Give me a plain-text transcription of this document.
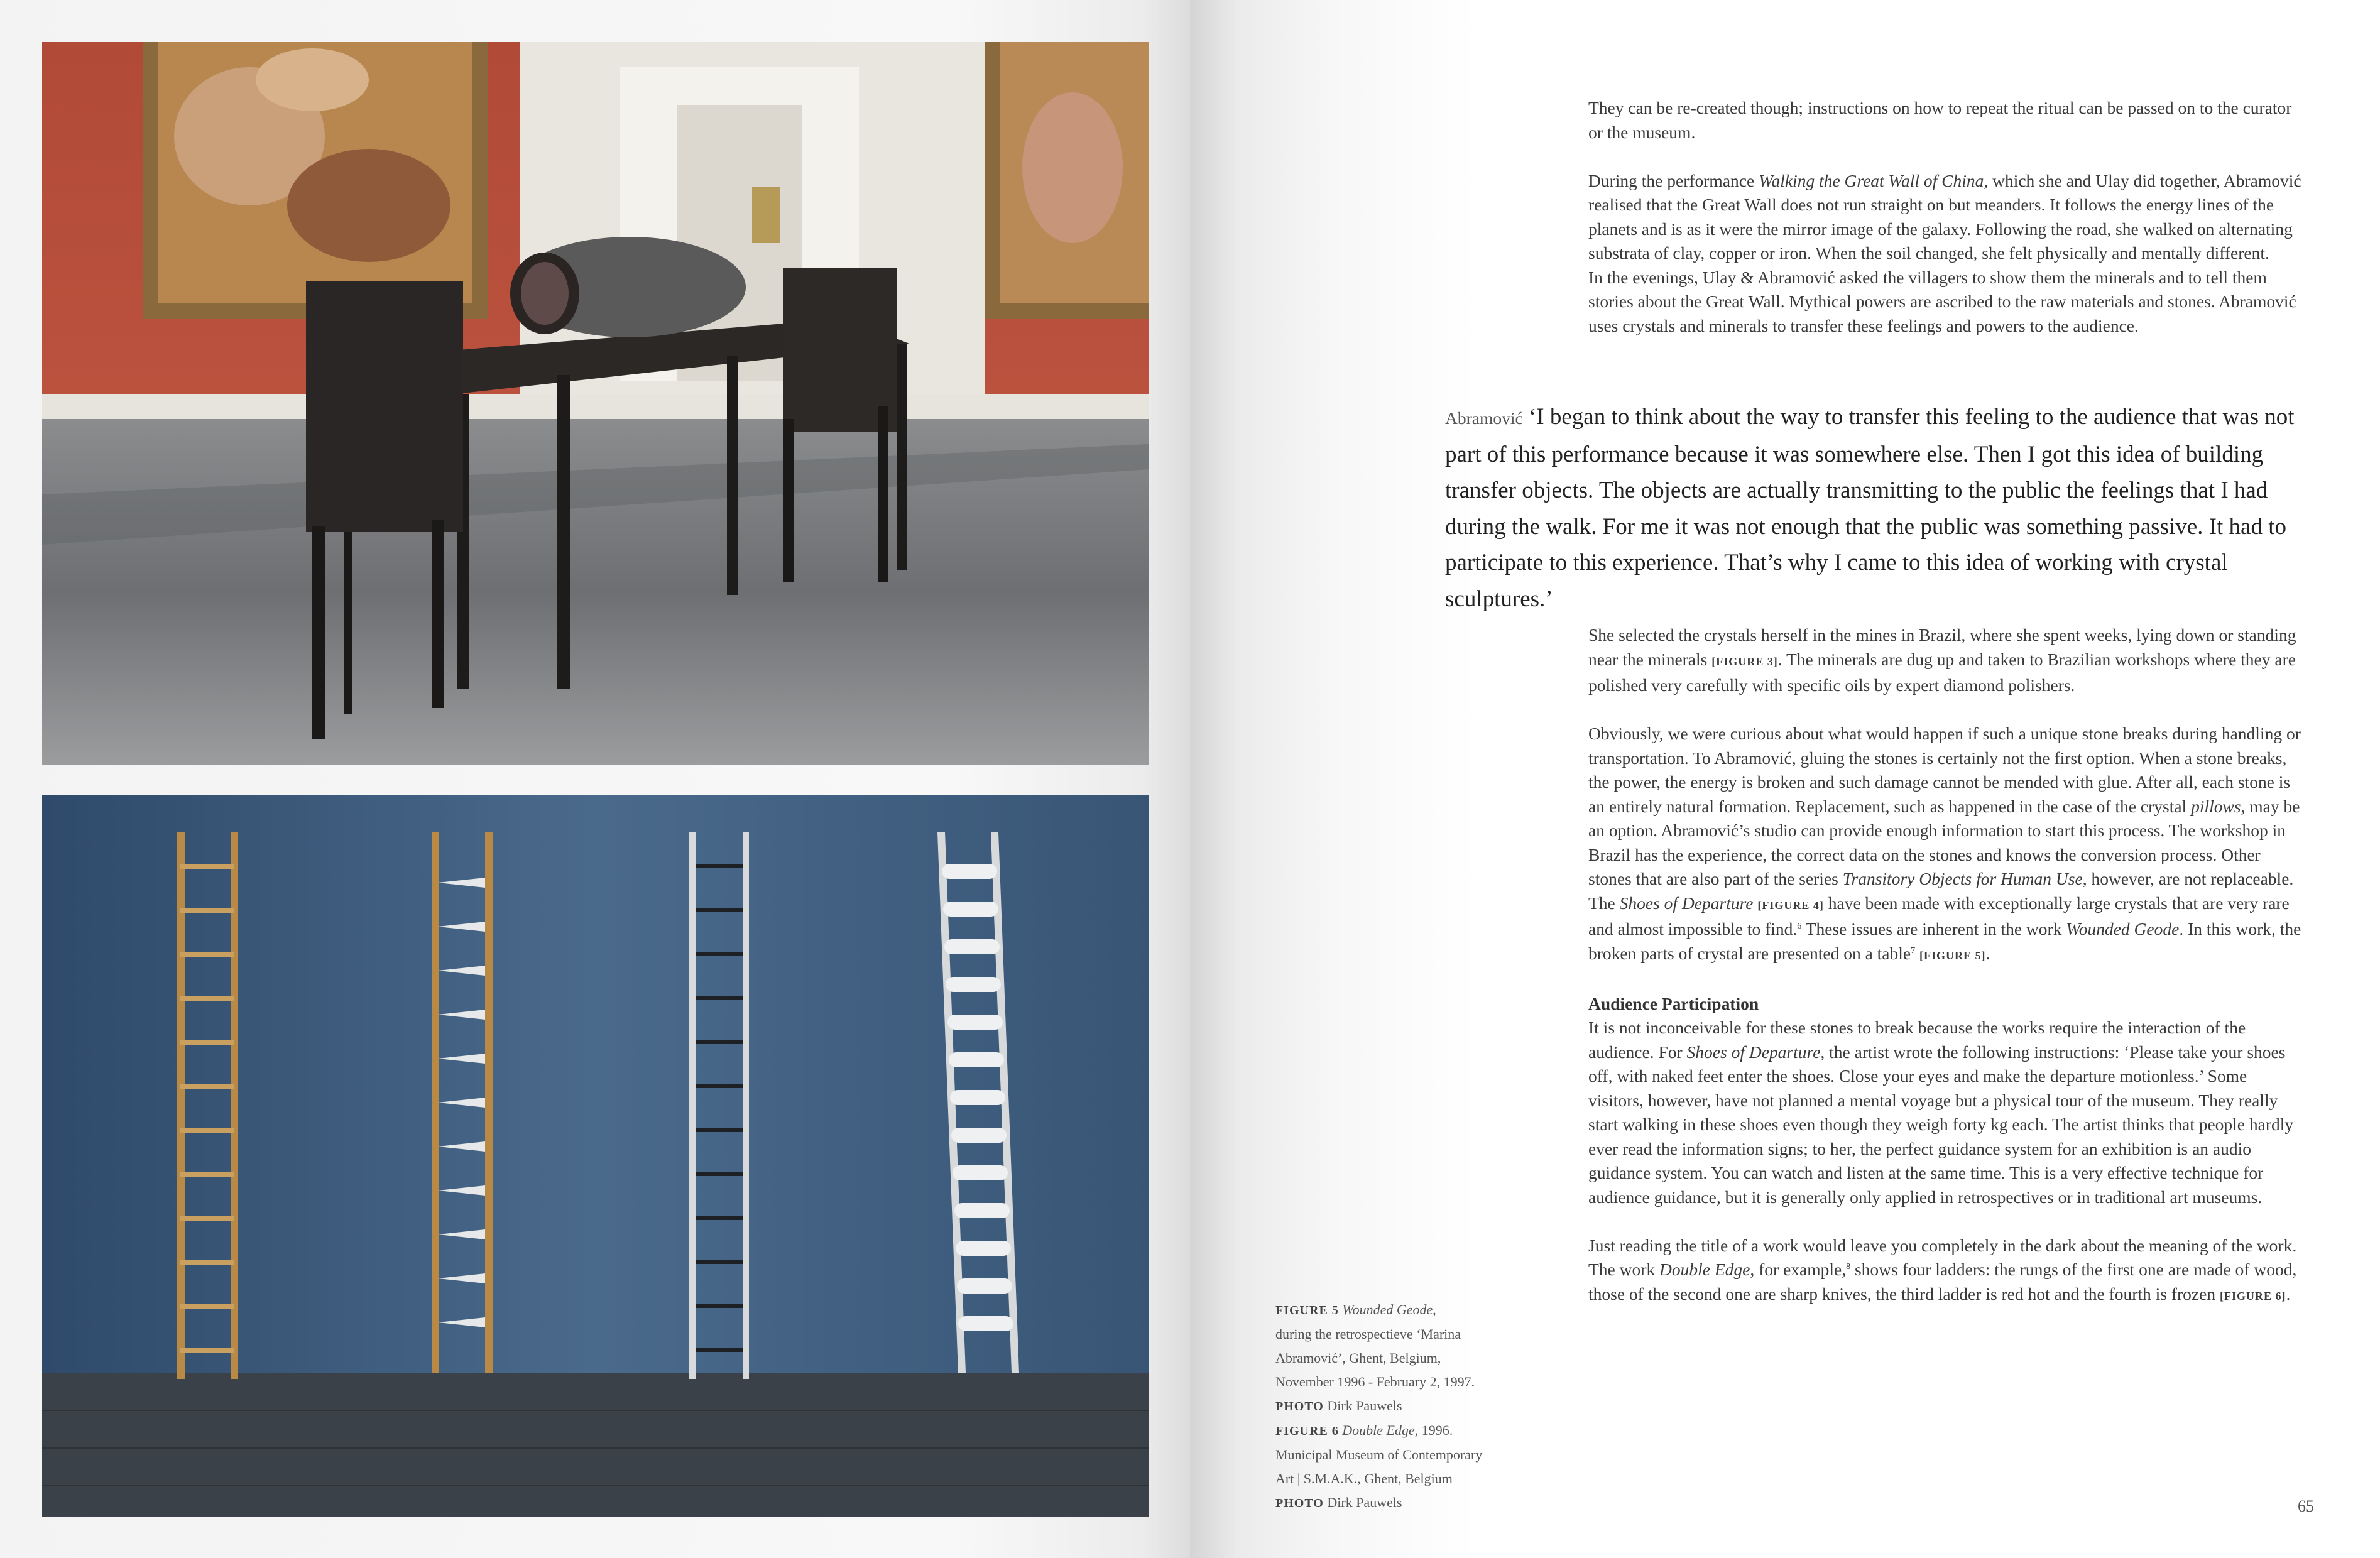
FIGURE 5 Wounded Geode,
during the retrospectieve ‘Marina
Abramović’, Ghent, Belgium,
November 1996 - February 2, 1997.
PHOTO Dirk Pauwels
FIGURE 6 Double Edge, 1996.
Municipal Museum of Contemporary
Art | S.M.A.K., Ghent, Belgium
PHOTO Dirk Pauwels

They can be re-created though; instructions on how to repeat the ritual can be passed on to the curator or the museum.

During the performance Walking the Great Wall of China, which she and Ulay did together, Abramović realised that the Great Wall does not run straight on but meanders. It follows the energy lines of the planets and is as it were the mirror image of the galaxy. Following the road, she walked on alternating substrata of clay, copper or iron. When the soil changed, she felt physically and mentally different.

In the evenings, Ulay & Abramović asked the villagers to show them the minerals and to tell them stories about the Great Wall. Mythical powers are ascribed to the raw materials and stones. Abramović uses crystals and minerals to transfer these feelings and powers to the audience.

Abramović ‘I began to think about the way to transfer this feeling to the audience that was not part of this performance because it was somewhere else. Then I got this idea of building transfer objects. The objects are actually transmitting to the public the feelings that I had during the walk. For me it was not enough that the public was something passive. It had to participate to this experience. That’s why I came to this idea of working with crystal sculptures.’

She selected the crystals herself in the mines in Brazil, where she spent weeks, lying down or standing near the minerals [FIGURE 3]. The minerals are dug up and taken to Brazilian workshops where they are polished very carefully with specific oils by expert diamond polishers.

Obviously, we were curious about what would happen if such a unique stone breaks during handling or transportation. To Abramović, gluing the stones is certainly not the first option. When a stone breaks, the power, the energy is broken and such damage cannot be mended with glue. After all, each stone is an entirely natural formation. Replacement, such as happened in the case of the crystal pillows, may be an option. Abramović’s studio can provide enough information to start this process. The workshop in Brazil has the experience, the correct data on the stones and knows the conversion process. Other stones that are also part of the series Transitory Objects for Human Use, however, are not replaceable. The Shoes of Departure [FIGURE 4] have been made with exceptionally large crystals that are very rare and almost impossible to find.$^6$ These issues are inherent in the work Wounded Geode. In this work, the broken parts of crystal are presented on a table$^7$ [FIGURE 5].

Audience Participation

It is not inconceivable for these stones to break because the works require the interaction of the audience. For Shoes of Departure, the artist wrote the following instructions: ‘Please take your shoes off, with naked feet enter the shoes. Close your eyes and make the departure motionless.’ Some visitors, however, have not planned a mental voyage but a physical tour of the museum. They really start walking in these shoes even though they weigh forty kg each. The artist thinks that people hardly ever read the information signs; to her, the perfect guidance system for an exhibition is an audio guidance system. You can watch and listen at the same time. This is a very effective technique for audience guidance, but it is generally only applied in retrospectives or in traditional art museums.

Just reading the title of a work would leave you completely in the dark about the meaning of the work. The work Double Edge, for example,$^8$ shows four ladders: the rungs of the first one are made of wood, those of the second one are sharp knives, the third ladder is red hot and the fourth is frozen [FIGURE 6].

65
